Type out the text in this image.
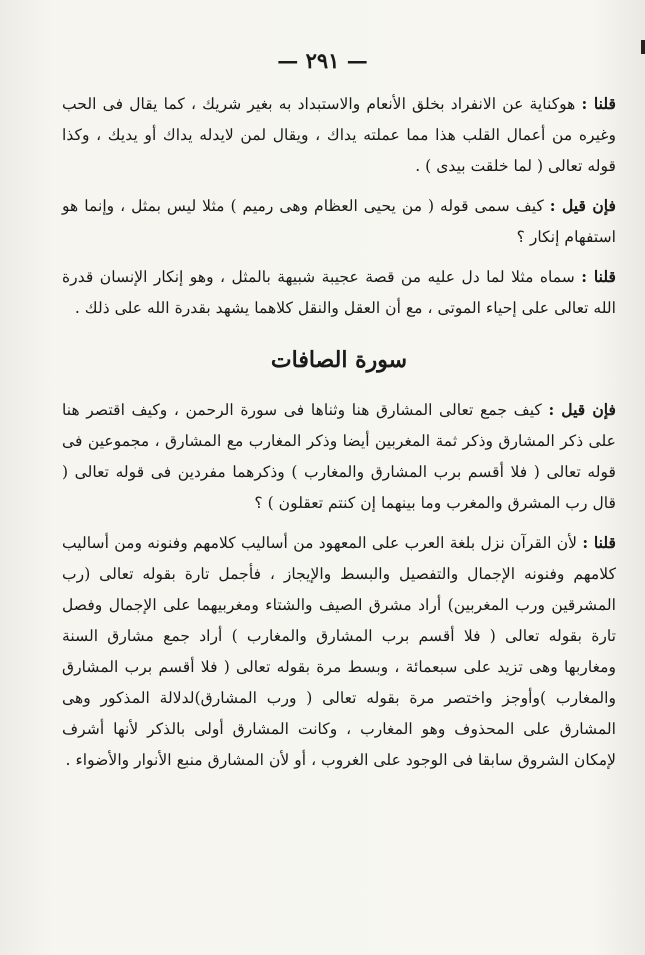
— ٢٩١ —

قلنا : هوكناية عن الانفراد بخلق الأنعام والاستبداد به بغير شريك ، كما يقال فى الحب وغيره من أعمال القلب هذا مما عملته يداك ، ويقال لمن لايدله يداك أو يديك ، وكذا قوله تعالى ( لما خلقت بيدى ) .

فإن قيل : كيف سمى قوله ( من يحيى العظام وهى رميم ) مثلا ليس بمثل ، وإنما هو استفهام إنكار ؟

قلنا : سماه مثلا لما دل عليه من قصة عجيبة شبيهة بالمثل ، وهو إنكار الإنسان قدرة الله تعالى على إحياء الموتى ، مع أن العقل والنقل كلاهما يشهد بقدرة الله على ذلك .

سورة الصافات

فإن قيل : كيف جمع تعالى المشارق هنا وثناها فى سورة الرحمن ، وكيف اقتصر هنا على ذكر المشارق وذكر ثمة المغربين أيضا وذكر المغارب مع المشارق ، مجموعين فى قوله تعالى ( فلا أقسم برب المشارق والمغارب ) وذكرهما مفردين فى قوله تعالى ( قال رب المشرق والمغرب وما بينهما إن كنتم تعقلون ) ؟

قلنا : لأن القرآن نزل بلغة العرب على المعهود من أساليب كلامهم وفنونه ومن أساليب كلامهم وفنونه الإجمال والتفصيل والبسط والإيجاز ، فأجمل تارة بقوله تعالى (رب المشرقين ورب المغربين) أراد مشرق الصيف والشتاء ومغربيهما على الإجمال وفصل تارة بقوله تعالى ( فلا أقسم برب المشارق والمغارب ) أراد جمع مشارق السنة ومغاربها وهى تزيد على سبعمائة ، وبسط مرة بقوله تعالى ( فلا أقسم برب المشارق والمغارب )وأوجز واختصر مرة بقوله تعالى ( ورب المشارق)لدلالة المذكور وهى المشارق على المحذوف وهو المغارب ، وكانت المشارق أولى بالذكر لأنها أشرف لإمكان الشروق سابقا فى الوجود على الغروب ، أو لأن المشارق منبع الأنوار والأضواء .
